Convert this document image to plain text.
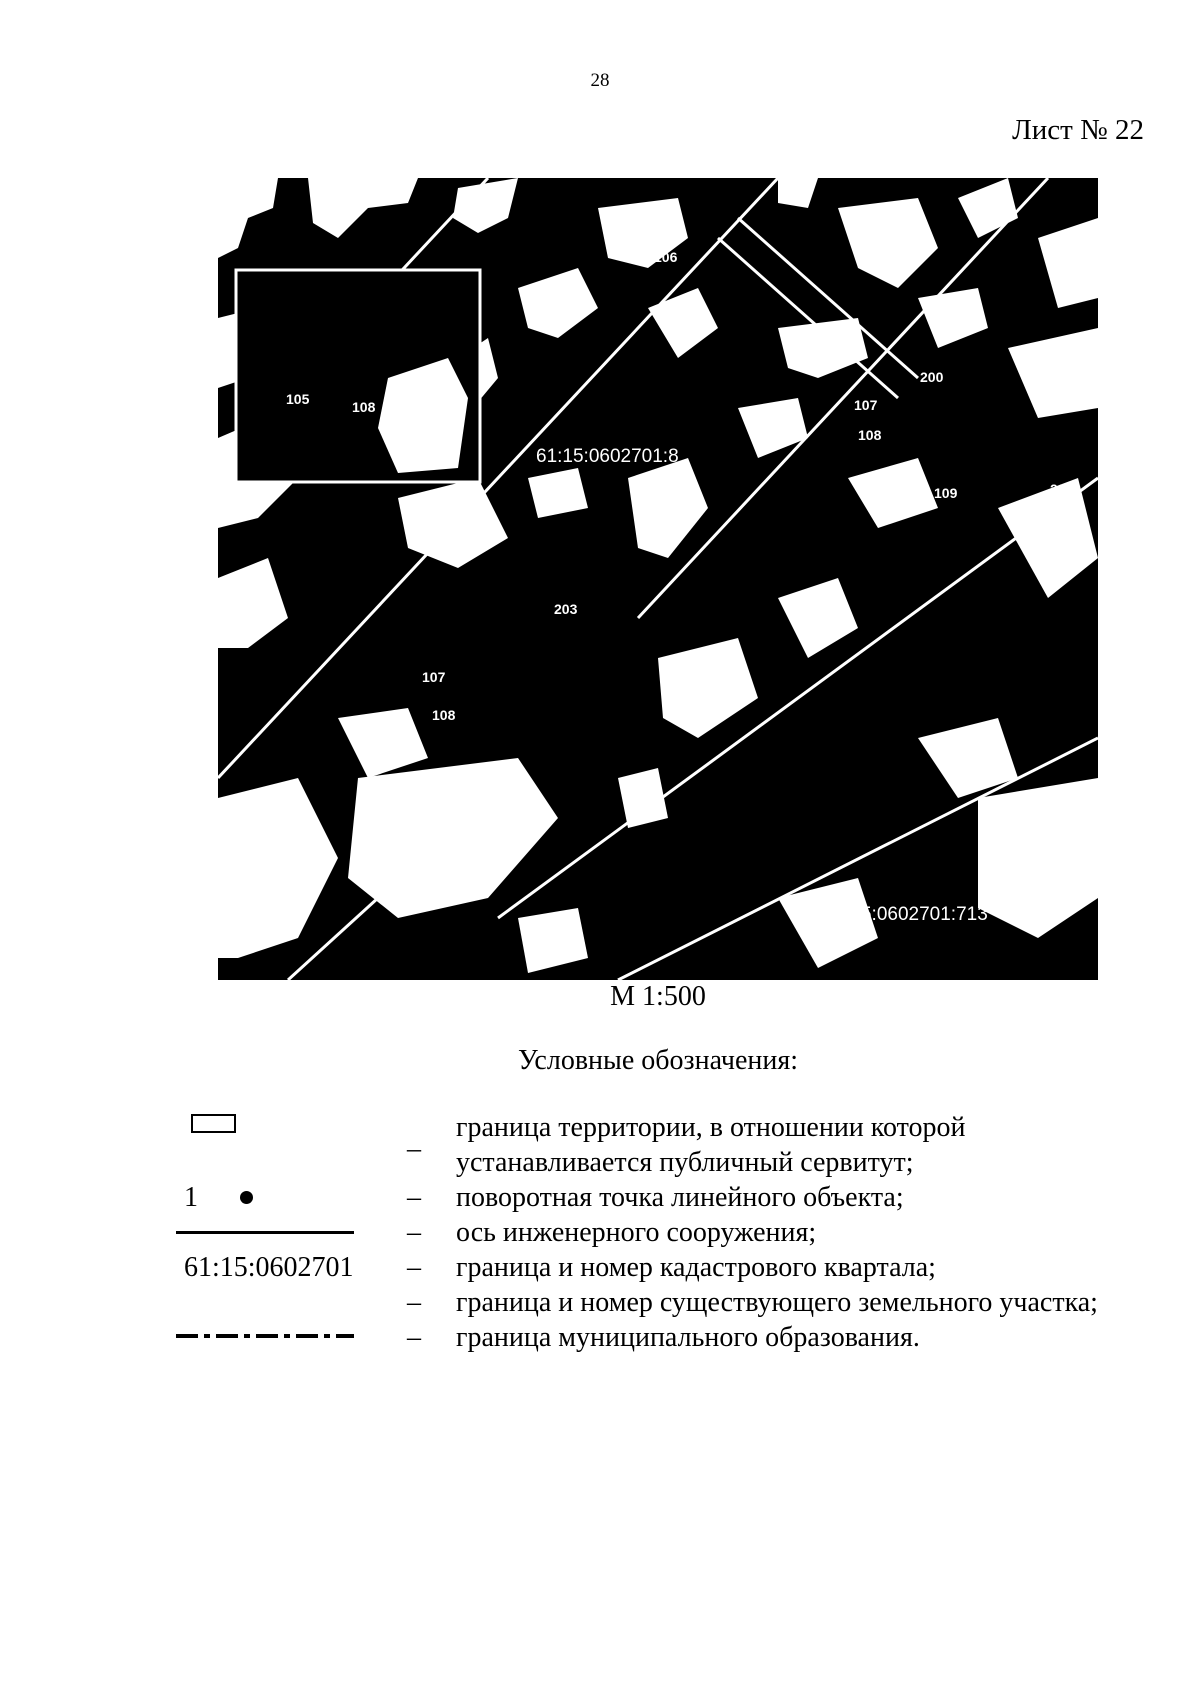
28
Лист № 22
105	108
106
107
108
109
200
205
203
107
108
61:15:0602701:8
61:15:0602701:713
М 1:500
Условные обозначения:
_ граница территории, в отношении которой
устанавливается публичный сервитут;
1	– поворотная точка линейного объекта;
– ось инженерного сооружения;
61:15:0602701 – граница и номер кадастрового квартала;
– граница и номер существующего земельного участка;
– граница муниципального образования.
